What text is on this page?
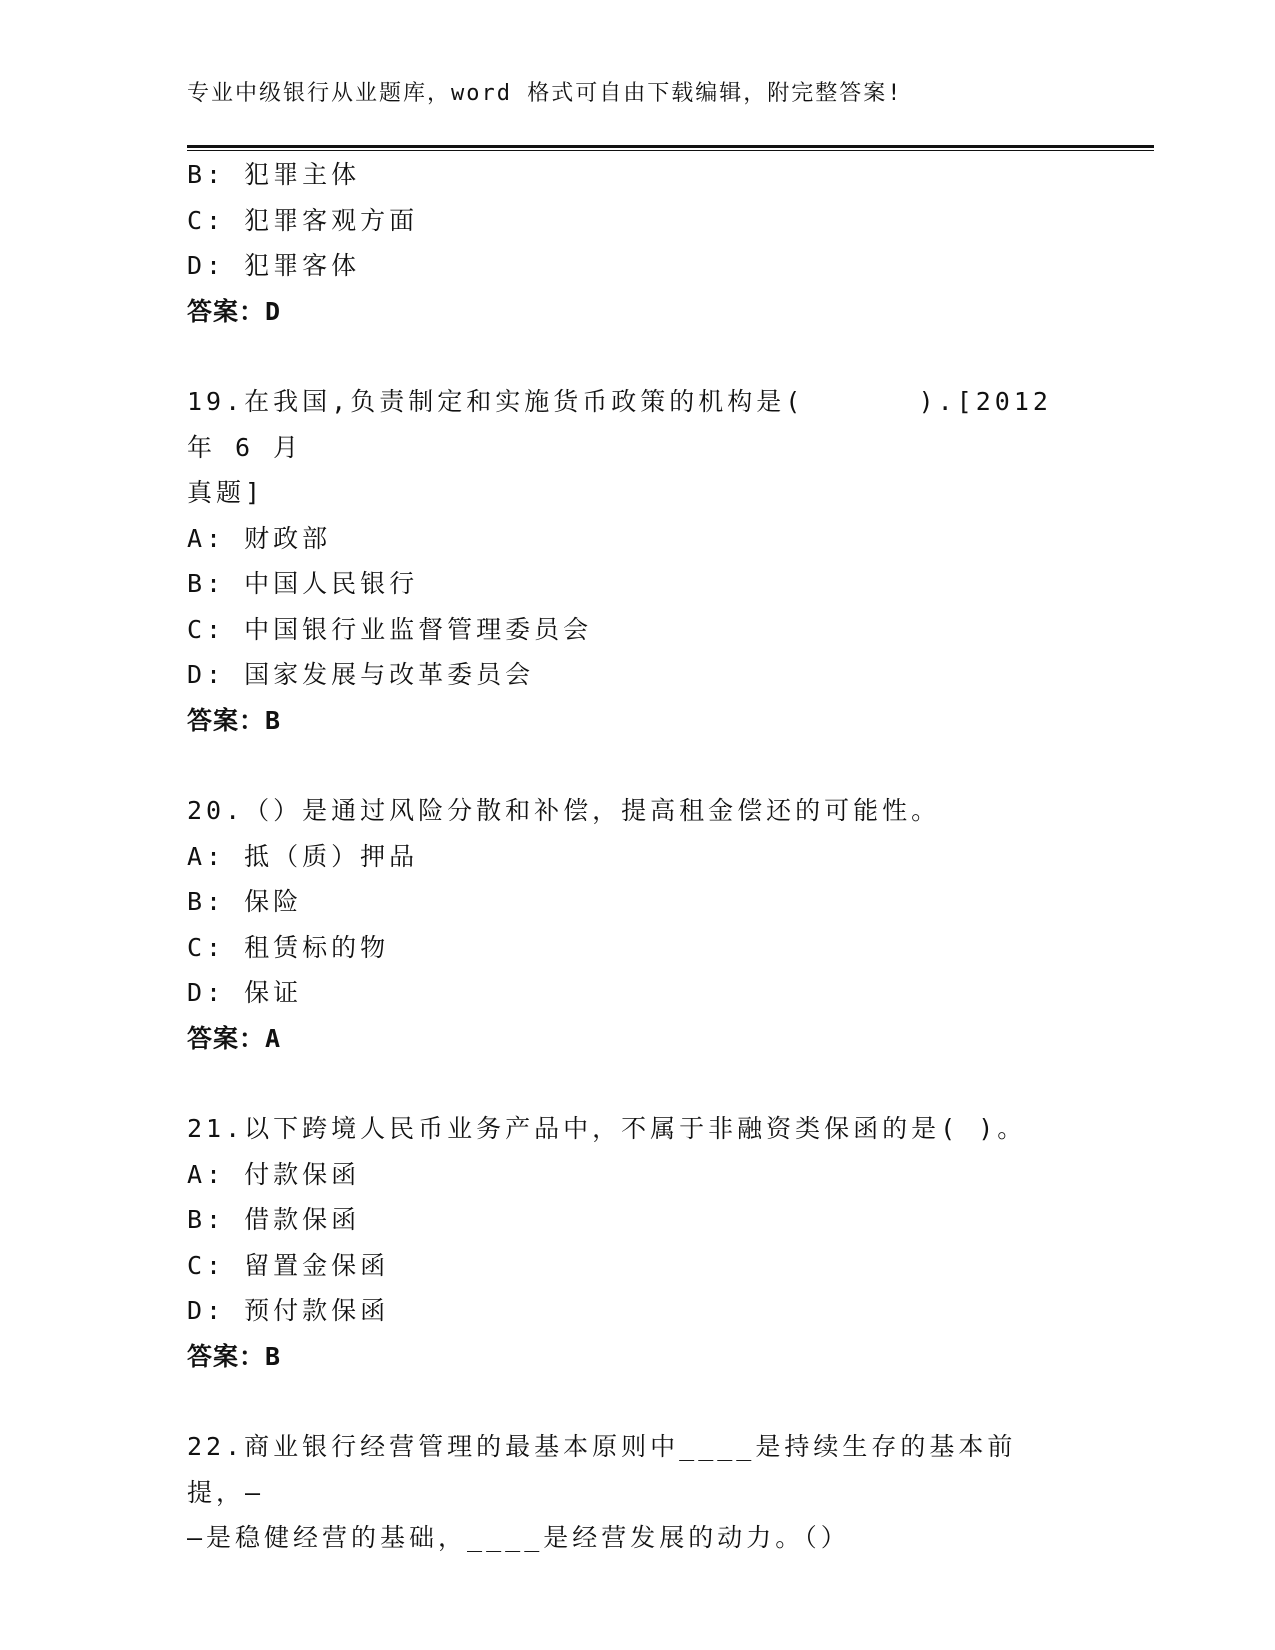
专业中级银行从业题库，word 格式可自由下载编辑，附完整答案!
B: 犯罪主体
C: 犯罪客观方面
D: 犯罪客体
答案：D
19.在我国,负责制定和实施货币政策的机构是(      ).[2012 年 6 月
真题]
A: 财政部
B: 中国人民银行
C: 中国银行业监督管理委员会
D: 国家发展与改革委员会
答案：B
20.（）是通过风险分散和补偿，提高租金偿还的可能性。
A: 抵（质）押品
B: 保险
C: 租赁标的物
D: 保证
答案：A
21.以下跨境人民币业务产品中，不属于非融资类保函的是( )。
A: 付款保函
B: 借款保函
C: 留置金保函
D: 预付款保函
答案：B
22.商业银行经营管理的最基本原则中____是持续生存的基本前提，—
—是稳健经营的基础，____是经营发展的动力。（）
